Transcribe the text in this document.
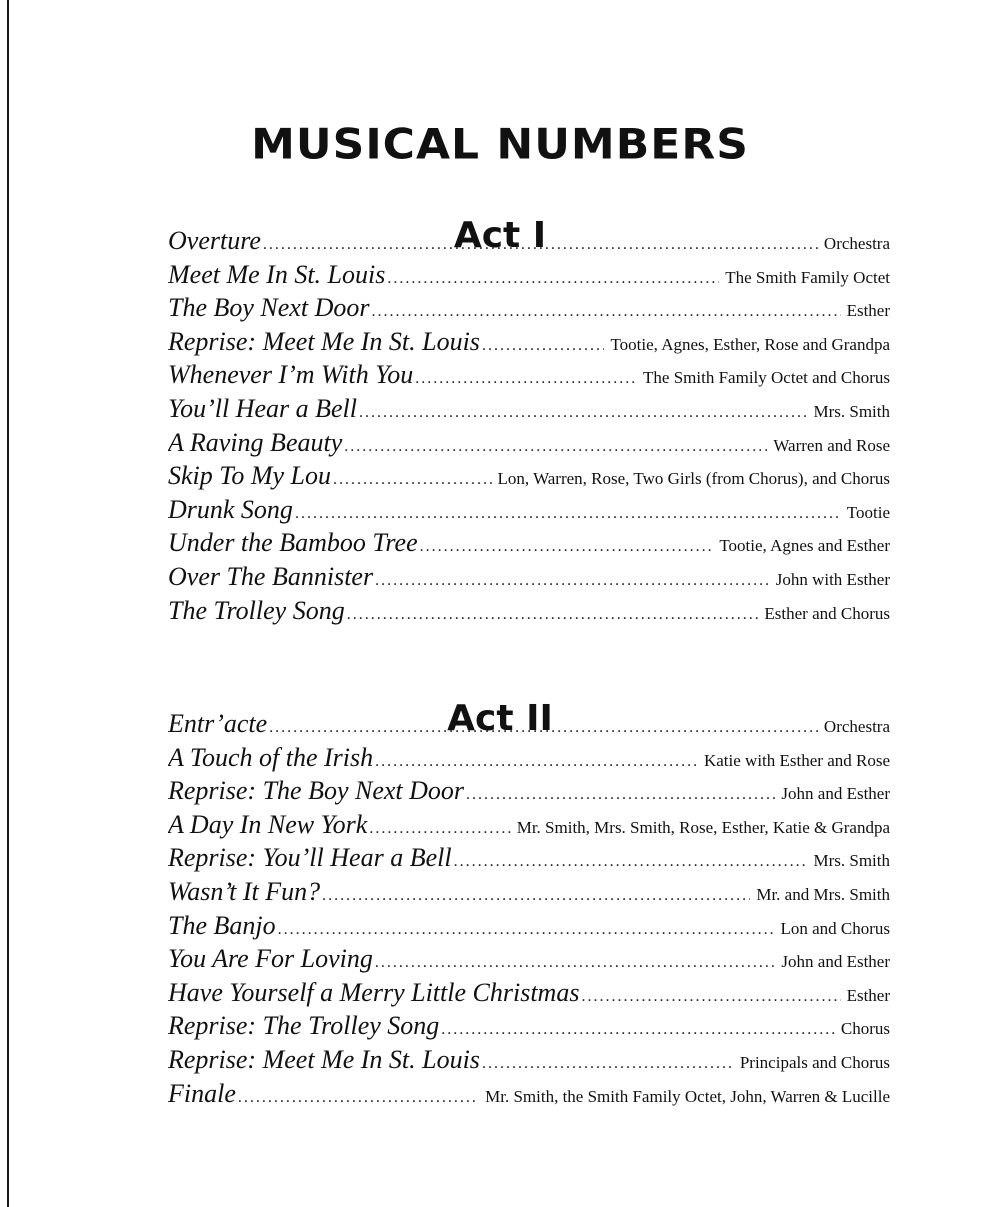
MUSICAL NUMBERS
Act I
Overture .....	Orchestra
Meet Me In St. Louis .....	The Smith Family Octet
The Boy Next Door .....	Esther
Reprise: Meet Me In St. Louis .....	Tootie, Agnes, Esther, Rose and Grandpa
Whenever I’m With You .....	The Smith Family Octet and Chorus
You’ll Hear a Bell .....	Mrs. Smith
A Raving Beauty .....	Warren and Rose
Skip To My Lou .....	Lon, Warren, Rose, Two Girls (from Chorus), and Chorus
Drunk Song .....	Tootie
Under the Bamboo Tree .....	Tootie, Agnes and Esther
Over The Bannister .....	John with Esther
The Trolley Song .....	Esther and Chorus
Act II
Entr’acte .....	Orchestra
A Touch of the Irish .....	Katie with Esther and Rose
Reprise: The Boy Next Door .....	John and Esther
A Day In New York .....	Mr. Smith, Mrs. Smith, Rose, Esther, Katie & Grandpa
Reprise: You’ll Hear a Bell .....	Mrs. Smith
Wasn’t It Fun? .....	Mr. and Mrs. Smith
The Banjo .....	Lon and Chorus
You Are For Loving .....	John and Esther
Have Yourself a Merry Little Christmas .....	Esther
Reprise: The Trolley Song .....	Chorus
Reprise: Meet Me In St. Louis .....	Principals and Chorus
Finale .....	Mr. Smith, the Smith Family Octet, John, Warren & Lucille
